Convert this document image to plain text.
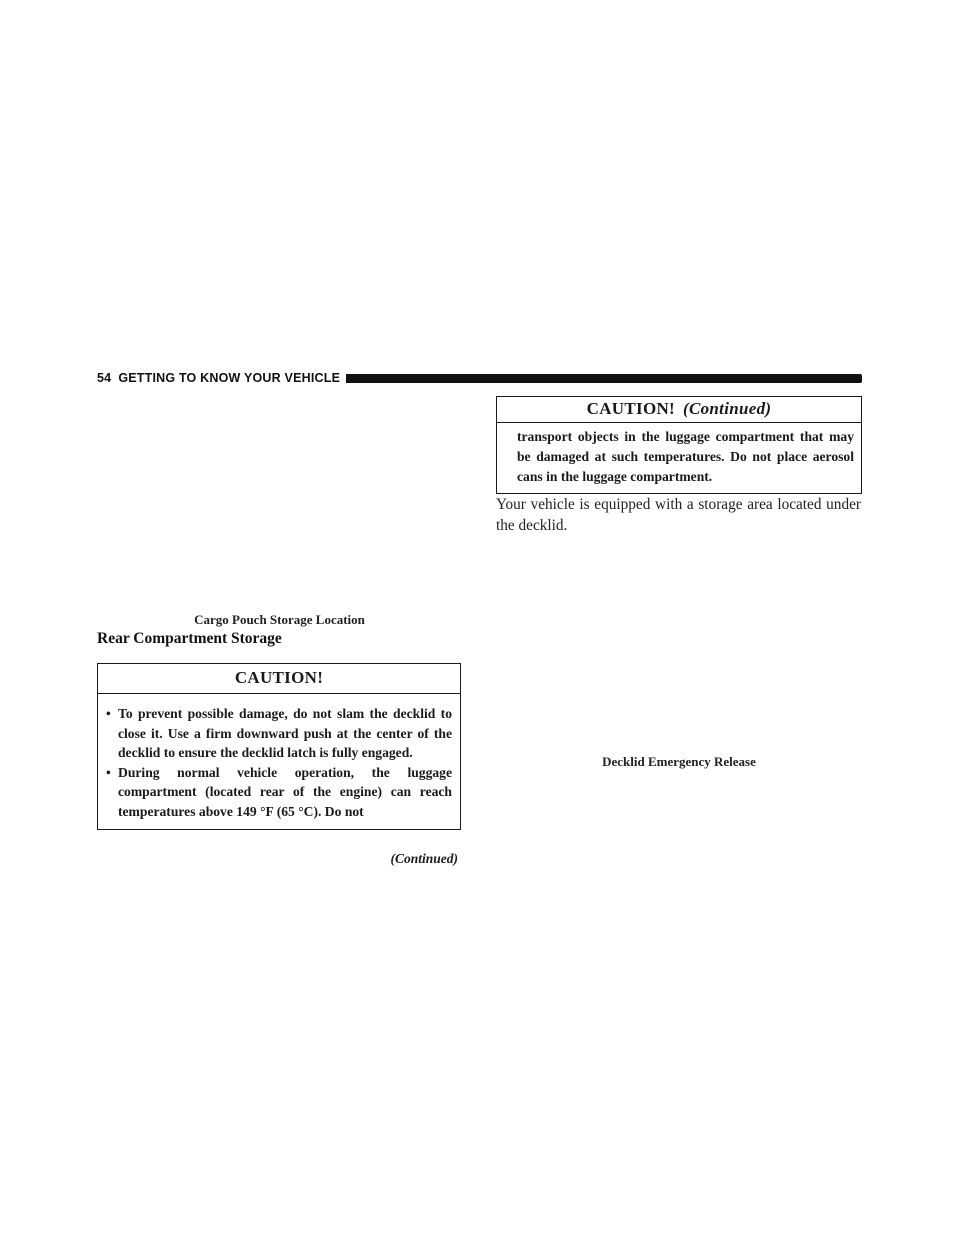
54 GETTING TO KNOW YOUR VEHICLE
Cargo Pouch Storage Location
Rear Compartment Storage
CAUTION!
• To prevent possible damage, do not slam the decklid to close it. Use a firm downward push at the center of the decklid to ensure the decklid latch is fully engaged.
• During normal vehicle operation, the luggage compartment (located rear of the engine) can reach temperatures above 149 °F (65 °C). Do not
(Continued)
CAUTION! (Continued)
transport objects in the luggage compartment that may be damaged at such temperatures. Do not place aerosol cans in the luggage compartment.
Your vehicle is equipped with a storage area located under the decklid.
Decklid Emergency Release
